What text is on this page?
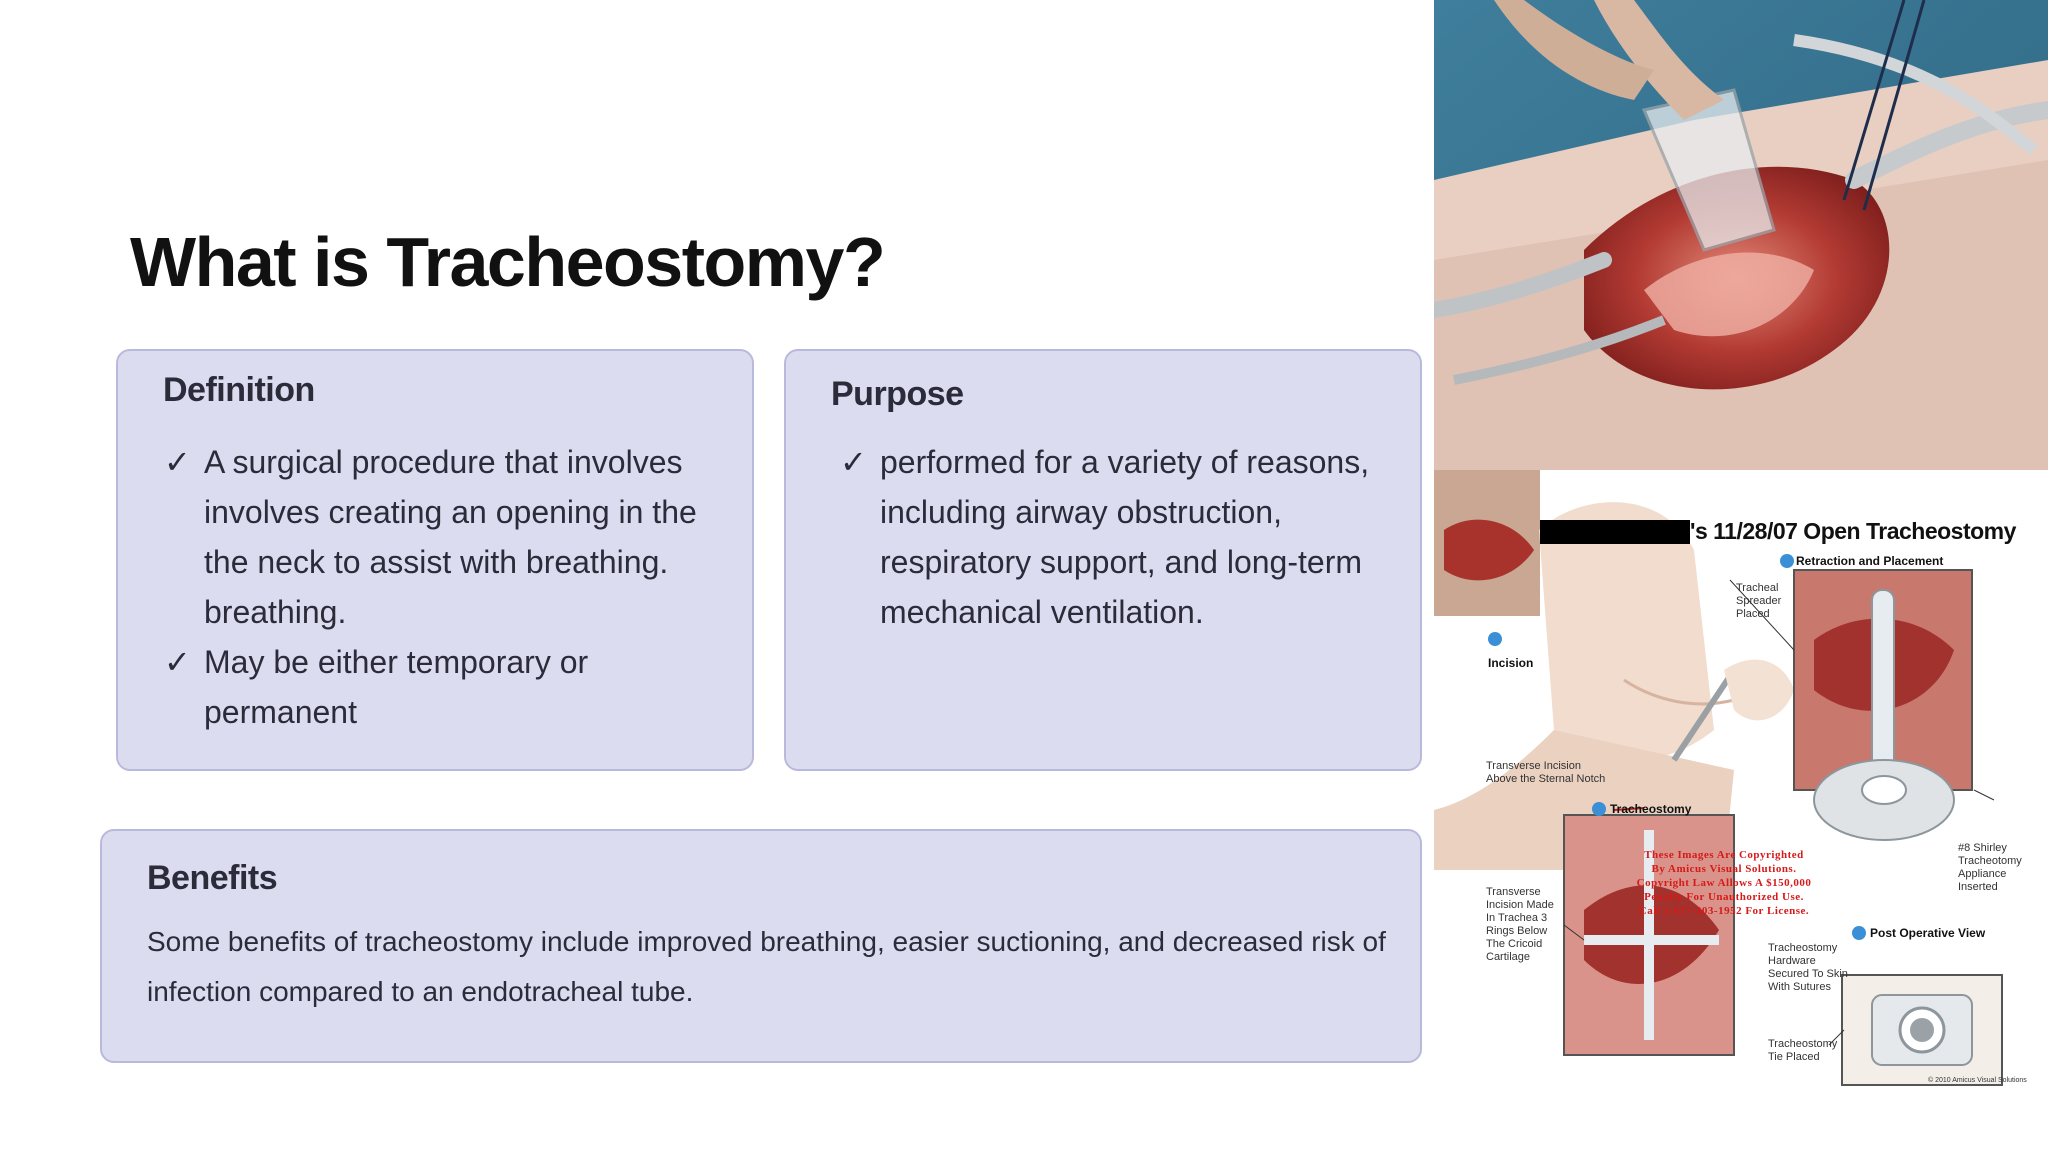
What is Tracheostomy?
Definition
✓ A surgical procedure that involves involves creating an opening in the the neck to assist with breathing. breathing.
✓ May be either temporary or permanent
Purpose
✓ performed for a variety of reasons, including airway obstruction, respiratory support, and long-term mechanical ventilation.
Benefits

Some benefits of tracheostomy include improved breathing, easier suctioning, and decreased risk of infection compared to an endotracheal tube.

's 11/28/07 Open Tracheostomy
Retraction and Placement
Incision
Tracheostomy
Post Operative View
Tracheal Spreader Placed
Transverse Incision Above the Sternal Notch
Transverse Incision Made In Trachea 3 Rings Below The Cricoid Cartilage
#8 Shirley Tracheotomy Appliance Inserted
Tracheostomy Hardware Secured To Skin With Sutures
Tracheostomy Tie Placed
© 2010 Amicus Visual Solutions
These Images Are Copyrighted
By Amicus Visual Solutions.
Copyright Law Allows A $150,000
Penalty For Unauthorized Use.
Call 1-877-303-1952 For License.
